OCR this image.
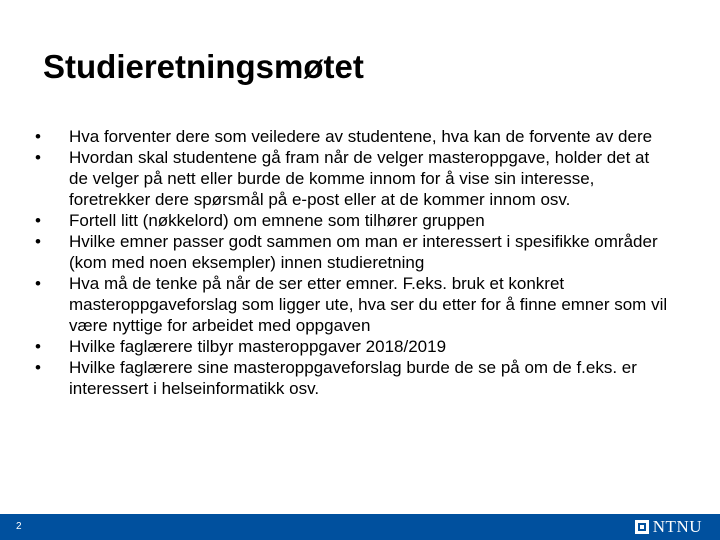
Studieretningsmøtet
•	Hva forventer dere som veiledere av studentene, hva kan de forvente av dere
•	Hvordan skal studentene gå fram når de velger masteroppgave, holder det at de velger på nett eller burde de komme innom for å vise sin interesse, foretrekker dere spørsmål på e-post eller at de kommer innom osv.
•	Fortell litt (nøkkelord) om emnene som tilhører gruppen
•	Hvilke emner passer godt sammen om man er interessert i spesifikke områder (kom med noen eksempler) innen studieretning
•	Hva må de tenke på når de ser etter emner. F.eks. bruk et konkret masteroppgaveforslag som ligger ute, hva ser du etter for å finne emner som vil være nyttige for arbeidet med oppgaven
•	Hvilke faglærere tilbyr masteroppgaver 2018/2019
•	Hvilke faglærere sine masteroppgaveforslag burde de se på om de f.eks. er interessert i helseinformatikk osv.
2	NTNU
